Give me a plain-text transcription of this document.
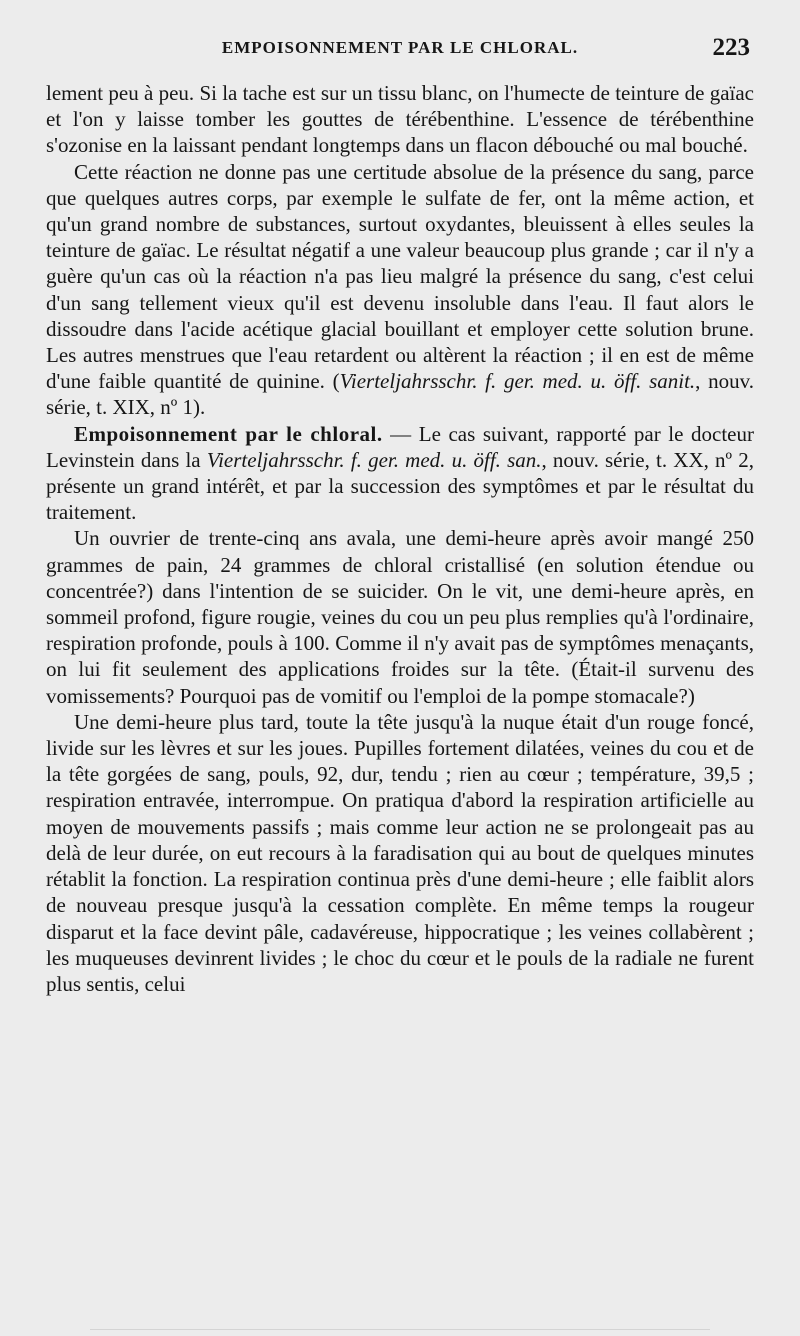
EMPOISONNEMENT PAR LE CHLORAL.	223

lement peu à peu. Si la tache est sur un tissu blanc, on l'humecte de teinture de gaïac et l'on y laisse tomber les gouttes de térébenthine. L'essence de térébenthine s'ozonise en la laissant pendant longtemps dans un flacon débouché ou mal bouché.

Cette réaction ne donne pas une certitude absolue de la présence du sang, parce que quelques autres corps, par exemple le sulfate de fer, ont la même action, et qu'un grand nombre de substances, surtout oxydantes, bleuissent à elles seules la teinture de gaïac. Le résultat négatif a une valeur beaucoup plus grande ; car il n'y a guère qu'un cas où la réaction n'a pas lieu malgré la présence du sang, c'est celui d'un sang tellement vieux qu'il est devenu insoluble dans l'eau. Il faut alors le dissoudre dans l'acide acétique glacial bouillant et employer cette solution brune. Les autres menstrues que l'eau retardent ou altèrent la réaction ; il en est de même d'une faible quantité de quinine. (Vierteljahrsschr. f. ger. med. u. öff. sanit., nouv. série, t. XIX, nº 1).

Empoisonnement par le chloral. — Le cas suivant, rapporté par le docteur Levinstein dans la Vierteljahrsschr. f. ger. med. u. öff. san., nouv. série, t. XX, nº 2, présente un grand intérêt, et par la succession des symptômes et par le résultat du traitement.

Un ouvrier de trente-cinq ans avala, une demi-heure après avoir mangé 250 grammes de pain, 24 grammes de chloral cristallisé (en solution étendue ou concentrée?) dans l'intention de se suicider. On le vit, une demi-heure après, en sommeil profond, figure rougie, veines du cou un peu plus remplies qu'à l'ordinaire, respiration profonde, pouls à 100. Comme il n'y avait pas de symptômes menaçants, on lui fit seulement des applications froides sur la tête. (Était-il survenu des vomissements? Pourquoi pas de vomitif ou l'emploi de la pompe stomacale?)

Une demi-heure plus tard, toute la tête jusqu'à la nuque était d'un rouge foncé, livide sur les lèvres et sur les joues. Pupilles fortement dilatées, veines du cou et de la tête gorgées de sang, pouls, 92, dur, tendu ; rien au cœur ; température, 39,5 ; respiration entravée, interrompue. On pratiqua d'abord la respiration artificielle au moyen de mouvements passifs ; mais comme leur action ne se prolongeait pas au delà de leur durée, on eut recours à la faradisation qui au bout de quelques minutes rétablit la fonction. La respiration continua près d'une demi-heure ; elle faiblit alors de nouveau presque jusqu'à la cessation complète. En même temps la rougeur disparut et la face devint pâle, cadavéreuse, hippocratique ; les veines collabèrent ; les muqueuses devinrent livides ; le choc du cœur et le pouls de la radiale ne furent plus sentis, celui
